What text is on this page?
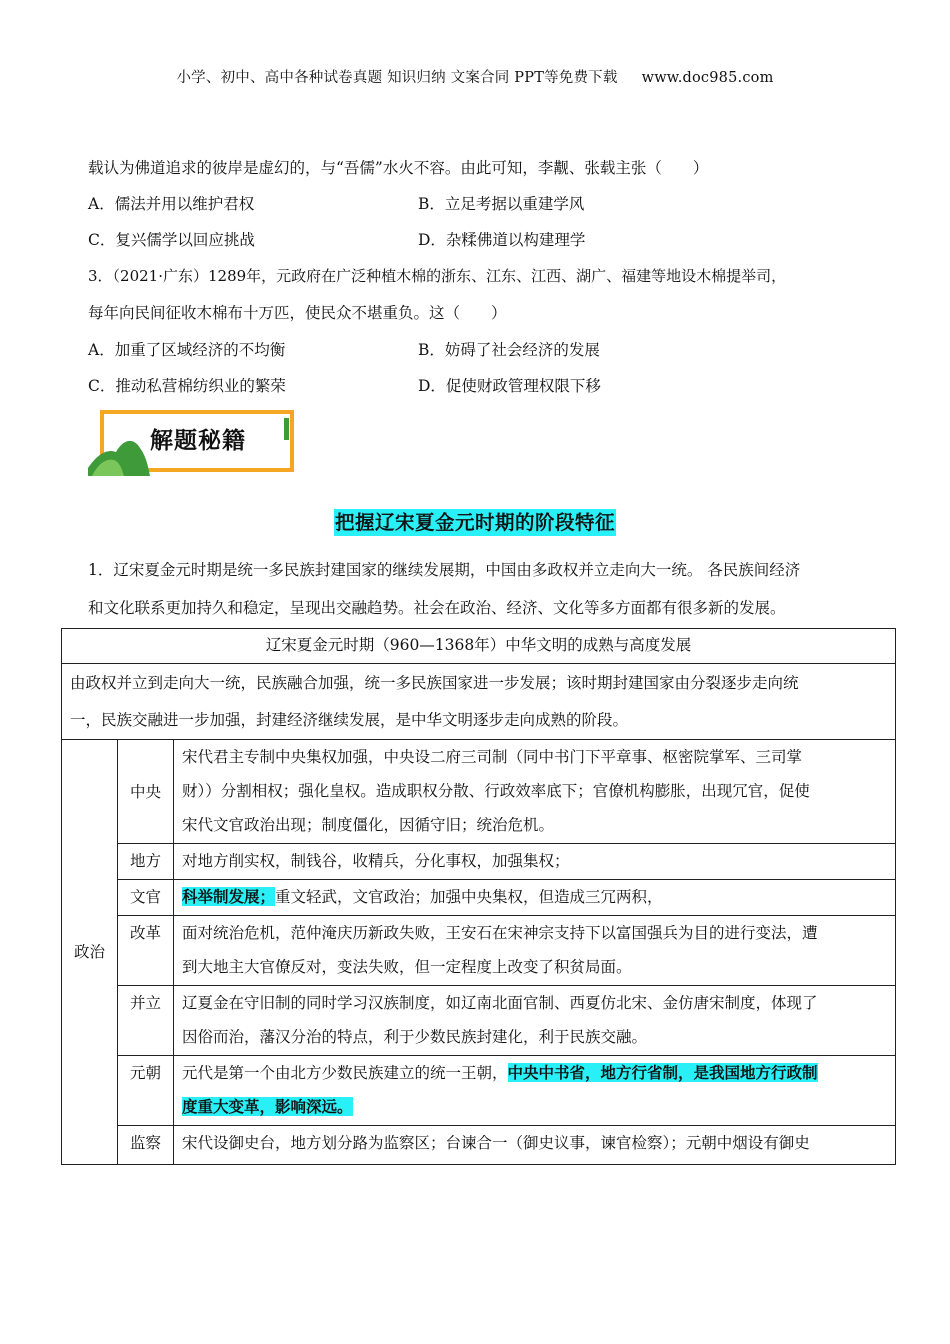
小学、初中、高中各种试卷真题 知识归纳 文案合同 PPT等免费下载 www.doc985.com
载认为佛道追求的彼岸是虚幻的，与“吾儒”水火不容。由此可知，李觏、张载主张（　　）
A．儒法并用以维护君权	B．立足考据以重建学风
C．复兴儒学以回应挑战	D．杂糅佛道以构建理学
3．（2021·广东）1289年，元政府在广泛种植木棉的浙东、江东、江西、湖广、福建等地设木棉提举司，
每年向民间征收木棉布十万匹，使民众不堪重负。这（　　）
A．加重了区域经济的不均衡	B．妨碍了社会经济的发展
C．推动私营棉纺织业的繁荣	D．促使财政管理权限下移
解题秘籍
把握辽宋夏金元时期的阶段特征
1．辽宋夏金元时期是统一多民族封建国家的继续发展期，中国由多政权并立走向大一统。 各民族间经济
和文化联系更加持久和稳定，呈现出交融趋势。社会在政治、经济、文化等多方面都有很多新的发展。
辽宋夏金元时期（960—1368年）中华文明的成熟与高度发展		

由政权并立到走向大一统，民族融合加强，统一多民族国家进一步发展；该时期封建国家由分裂逐步走向统
一，民族交融进一步加强，封建经济继续发展，是中华文明逐步走向成熟的阶段。		

政治	中央	宋代君主专制中央集权加强，中央设二府三司制（同中书门下平章事、枢密院掌军、三司掌
财））分割相权；强化皇权。造成职权分散、行政效率底下；官僚机构膨胀，出现冗官，促使
宋代文官政治出现；制度僵化，因循守旧；统治危机。

	地方	对地方削实权，制钱谷，收精兵，分化事权，加强集权；
	文官	科举制发展；重文轻武，文官政治；加强中央集权，但造成三冗两积，
	改革	面对统治危机，范仲淹庆历新政失败，王安石在宋神宗支持下以富国强兵为目的进行变法，遭
到大地主大官僚反对，变法失败，但一定程度上改变了积贫局面。

	并立	辽夏金在守旧制的同时学习汉族制度，如辽南北面官制、西夏仿北宋、金仿唐宋制度，体现了
因俗而治，藩汉分治的特点，利于少数民族封建化，利于民族交融。

	元朝	元代是第一个由北方少数民族建立的统一王朝，中央中书省，地方行省制，是我国地方行政制
度重大变革，影响深远。

	监察	宋代设御史台，地方划分路为监察区；台谏合一（御史议事，谏官检察）；元朝中烟设有御史
